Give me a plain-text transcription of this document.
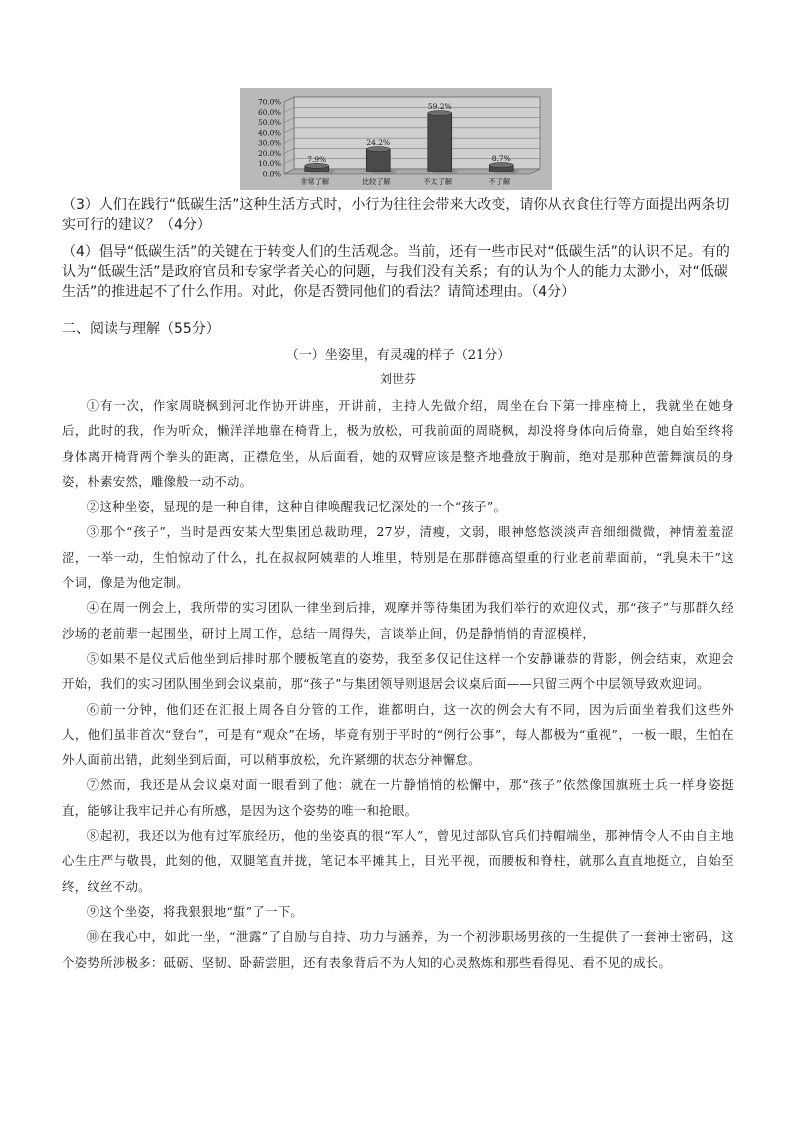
0.0%
10.0%
20.0%
30.0%
40.0%
50.0%
60.0%
70.0%
7.9%
非常了解
24.2%
比较了解
59.2%
不太了解
8.7%
不了解
（3）人们在践行“低碳生活”这种生活方式时，小行为往往会带来大改变，请你从衣食住行等方面提出两条切实可行的建议？（4分）
（4）倡导“低碳生活”的关键在于转变人们的生活观念。当前，还有一些市民对“低碳生活”的认识不足。有的认为“低碳生活”是政府官员和专家学者关心的问题，与我们没有关系；有的认为个人的能力太渺小，对“低碳生活”的推进起不了什么作用。对此，你是否赞同他们的看法？请简述理由。（4分）
二、阅读与理解（55分）
（一）坐姿里，有灵魂的样子（21分）
刘世芬

①有一次，作家周晓枫到河北作协开讲座，开讲前，主持人先做介绍，周坐在台下第一排座椅上，我就坐在她身后，此时的我，作为听众，懒洋洋地靠在椅背上，极为放松，可我前面的周晓枫，却没将身体向后倚靠，她自始至终将身体离开椅背两个拳头的距离，正襟危坐，从后面看，她的双臂应该是整齐地叠放于胸前，绝对是那种芭蕾舞演员的身姿，朴素安然，雕像般一动不动。

②这种坐姿，显现的是一种自律，这种自律唤醒我记忆深处的一个“孩子”。

③那个“孩子”，当时是西安某大型集团总裁助理，27岁，清瘦，文弱，眼神悠悠淡淡声音细细微微，神情羞羞涩涩，一举一动，生怕惊动了什么，扎在叔叔阿姨辈的人堆里，特别是在那群德高望重的行业老前辈面前，“乳臭未干”这个词，像是为他定制。

④在周一例会上，我所带的实习团队一律坐到后排，观摩并等待集团为我们举行的欢迎仪式，那“孩子”与那群久经沙场的老前辈一起围坐，研讨上周工作，总结一周得失，言谈举止间，仍是静悄悄的青涩模样，

⑤如果不是仪式后他坐到后排时那个腰板笔直的姿势，我至多仅记住这样一个安静谦恭的背影，例会结束，欢迎会开始，我们的实习团队围坐到会议桌前，那“孩子”与集团领导则退居会议桌后面——只留三两个中层领导致欢迎词。

⑥前一分钟，他们还在汇报上周各自分管的工作，谁都明白，这一次的例会大有不同，因为后面坐着我们这些外人，他们虽非首次“登台”，可是有“观众”在场，毕竟有别于平时的“例行公事”，每人都极为“重视”，一板一眼，生怕在外人面前出错，此刻坐到后面，可以稍事放松，允许紧绷的状态分神懈怠。

⑦然而，我还是从会议桌对面一眼看到了他：就在一片静悄悄的松懈中，那“孩子”依然像国旗班士兵一样身姿挺直，能够让我牢记并心有所感，是因为这个姿势的唯一和抢眼。

⑧起初，我还以为他有过军旅经历，他的坐姿真的很“军人”，曾见过部队官兵们持帽端坐，那神情令人不由自主地心生庄严与敬畏，此刻的他，双腿笔直并拢，笔记本平摊其上，目光平视，而腰板和脊柱，就那么直直地挺立，自始至终，纹丝不动。

⑨这个坐姿，将我狠狠地“蜇”了一下。

⑩在我心中，如此一坐，“泄露”了自励与自持、功力与涵养，为一个初涉职场男孩的一生提供了一套神士密码，这个姿势所涉极多：砥砺、坚韧、卧薪尝胆，还有表象背后不为人知的心灵熬炼和那些看得见、看不见的成长。
